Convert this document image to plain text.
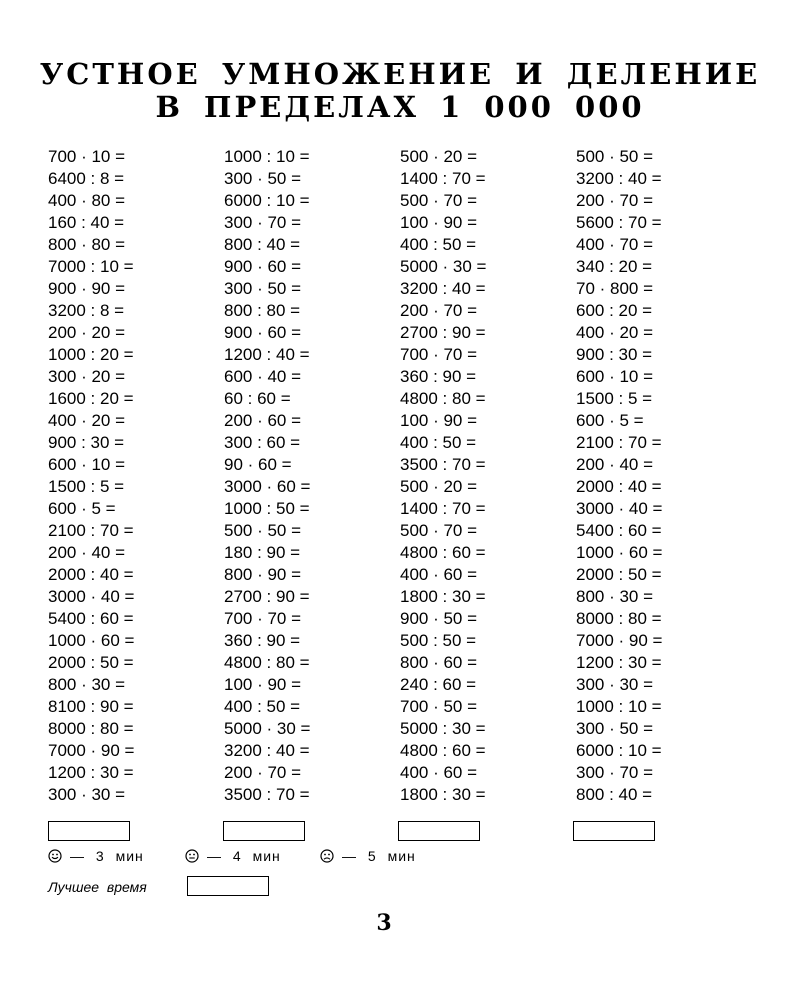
УСТНОЕ УМНОЖЕНИЕ И ДЕЛЕНИЕ
В ПРЕДЕЛАХ 1 000 000
700 · 10 =
6400 : 8 =
400 · 80 =
160 : 40 =
800 · 80 =
7000 : 10 =
900 · 90 =
3200 : 8 =
200 · 20 =
1000 : 20 =
300 · 20 =
1600 : 20 =
400 · 20 =
900 : 30 =
600 · 10 =
1500 : 5 =
600 · 5 =
2100 : 70 =
200 · 40 =
2000 : 40 =
3000 · 40 =
5400 : 60 =
1000 · 60 =
2000 : 50 =
800 · 30 =
8100 : 90 =
8000 : 80 =
7000 · 90 =
1200 : 30 =
300 · 30 =
1000 : 10 =
300 · 50 =
6000 : 10 =
300 · 70 =
800 : 40 =
900 · 60 =
300 · 50 =
800 : 80 =
900 · 60 =
1200 : 40 =
600 · 40 =
60 : 60 =
200 · 60 =
300 : 60 =
90 · 60 =
3000 · 60 =
1000 : 50 =
500 · 50 =
180 : 90 =
800 · 90 =
2700 : 90 =
700 · 70 =
360 : 90 =
4800 : 80 =
100 · 90 =
400 : 50 =
5000 · 30 =
3200 : 40 =
200 · 70 =
3500 : 70 =
500 · 20 =
1400 : 70 =
500 · 70 =
100 · 90 =
400 : 50 =
5000 · 30 =
3200 : 40 =
200 · 70 =
2700 : 90 =
700 · 70 =
360 : 90 =
4800 : 80 =
100 · 90 =
400 : 50 =
3500 : 70 =
500 · 20 =
1400 : 70 =
500 · 70 =
4800 : 60 =
400 · 60 =
1800 : 30 =
900 · 50 =
500 : 50 =
800 · 60 =
240 : 60 =
700 · 50 =
5000 : 30 =
4800 : 60 =
400 · 60 =
1800 : 30 =
500 · 50 =
3200 : 40 =
200 · 70 =
5600 : 70 =
400 · 70 =
340 : 20 =
70 · 800 =
600 : 20 =
400 · 20 =
900 : 30 =
600 · 10 =
1500 : 5 =
600 · 5 =
2100 : 70 =
200 · 40 =
2000 : 40 =
3000 · 40 =
5400 : 60 =
1000 · 60 =
2000 : 50 =
800 · 30 =
8000 : 80 =
7000 · 90 =
1200 : 30 =
300 · 30 =
1000 : 10 =
300 · 50 =
6000 : 10 =
300 · 70 =
800 : 40 =
— 3 мин	— 4 мин	— 5 мин
Лучшее время
3
